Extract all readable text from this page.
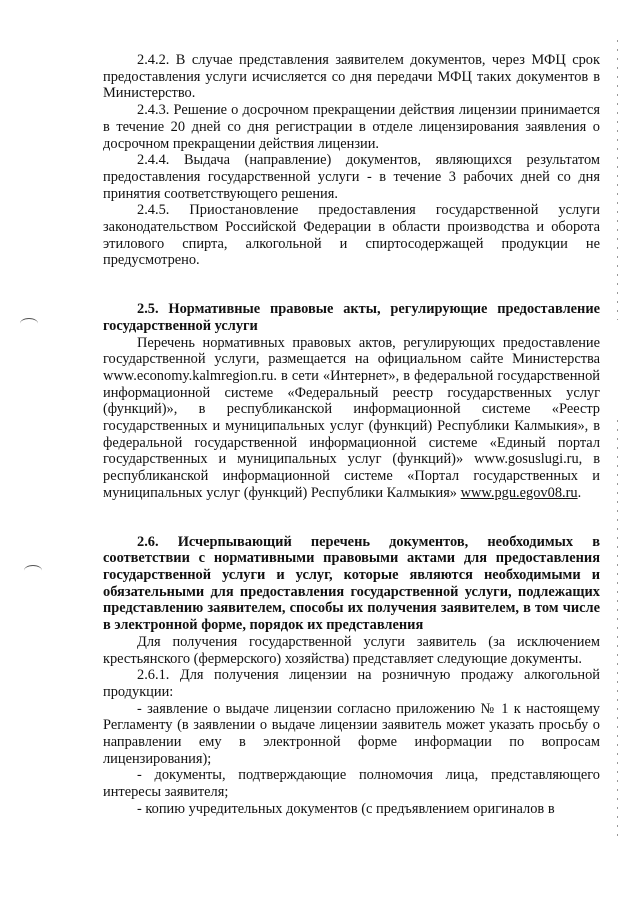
2.4.2. В случае представления заявителем документов, через МФЦ срок предоставления услуги исчисляется со дня передачи МФЦ таких документов в Министерство.

2.4.3. Решение о досрочном прекращении действия лицензии принимается в течение 20 дней со дня регистрации в отделе лицензирования заявления о досрочном прекращении действия лицензии.

2.4.4. Выдача (направление) документов, являющихся результатом предоставления государственной услуги - в течение 3 рабочих дней со дня принятия соответствующего решения.

2.4.5. Приостановление предоставления государственной услуги законодательством Российской Федерации в области производства и оборота этилового спирта, алкогольной и спиртосодержащей продукции не предусмотрено.

2.5. Нормативные правовые акты, регулирующие предоставление государственной услуги

Перечень нормативных правовых актов, регулирующих предоставление государственной услуги, размещается на официальном сайте Министерства www.economy.kalmregion.ru. в сети «Интернет», в федеральной государственной информационной системе «Федеральный реестр государственных услуг (функций)», в республиканской информационной системе «Реестр государственных и муниципальных услуг (функций) Республики Калмыкия», в федеральной государственной информационной системе «Единый портал государственных и муниципальных услуг (функций)» www.gosuslugi.ru, в республиканской информационной системе «Портал государственных и муниципальных услуг (функций) Республики Калмыкия» www.pgu.egov08.ru.

2.6. Исчерпывающий перечень документов, необходимых в соответствии с нормативными правовыми актами для предоставления государственной услуги и услуг, которые являются необходимыми и обязательными для предоставления государственной услуги, подлежащих представлению заявителем, способы их получения заявителем, в том числе в электронной форме, порядок их представления

Для получения государственной услуги заявитель (за исключением крестьянского (фермерского) хозяйства) представляет следующие документы.

2.6.1. Для получения лицензии на розничную продажу алкогольной продукции:

- заявление о выдаче лицензии согласно приложению № 1 к настоящему Регламенту (в заявлении о выдаче лицензии заявитель может указать просьбу о направлении ему в электронной форме информации по вопросам лицензирования);

- документы, подтверждающие полномочия лица, представляющего интересы заявителя;

- копию учредительных документов (с предъявлением оригиналов в
